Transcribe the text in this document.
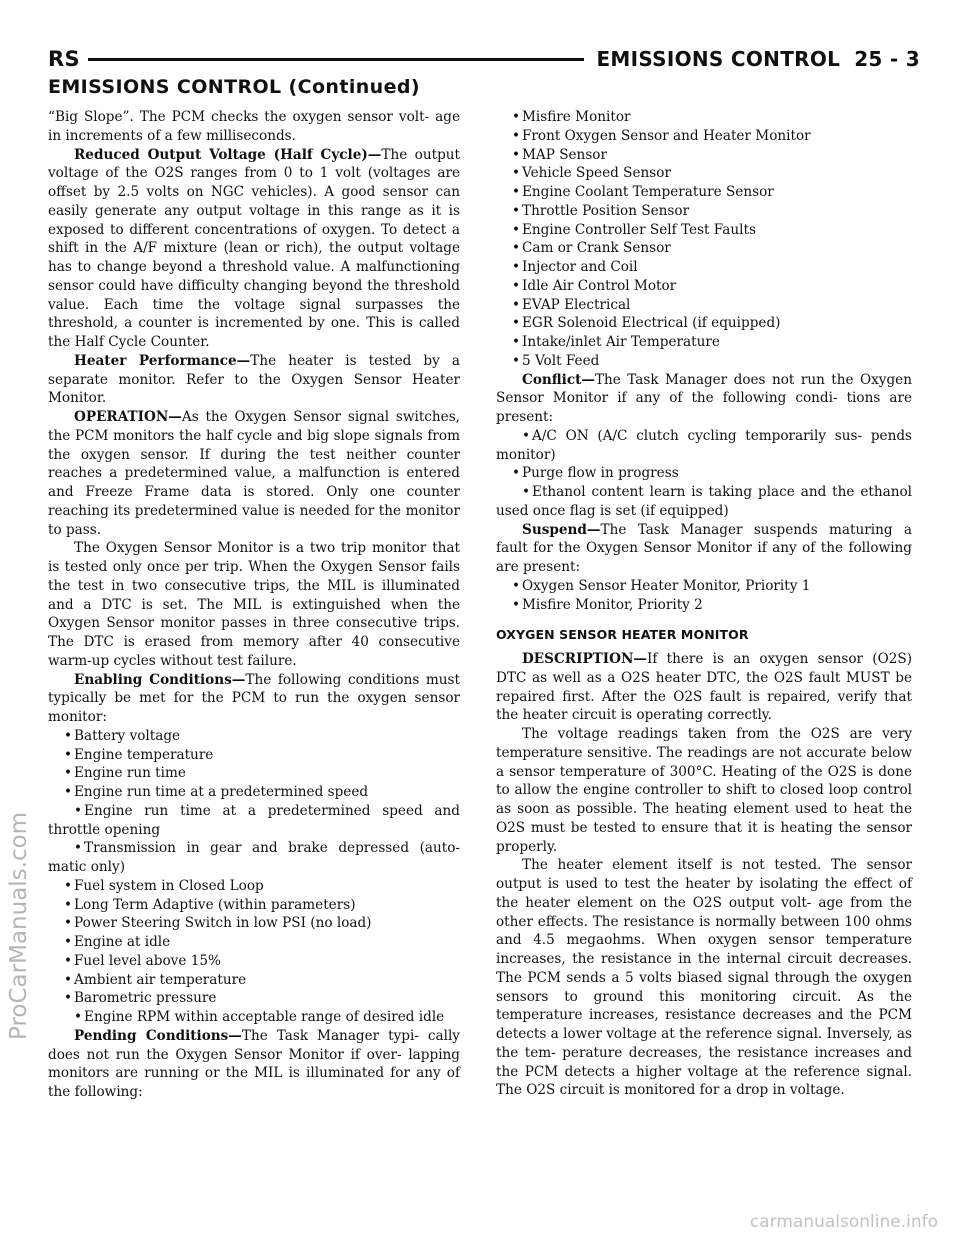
RS	EMISSIONS CONTROL 25 - 3
EMISSIONS CONTROL (Continued)

“Big Slope”. The PCM checks the oxygen sensor volt- age in increments of a few milliseconds.

Reduced Output Voltage (Half Cycle)—The output voltage of the O2S ranges from 0 to 1 volt (voltages are offset by 2.5 volts on NGC vehicles). A good sensor can easily generate any output voltage in this range as it is exposed to different concentrations of oxygen. To detect a shift in the A/F mixture (lean or rich), the output voltage has to change beyond a threshold value. A malfunctioning sensor could have difficulty changing beyond the threshold value. Each time the voltage signal surpasses the threshold, a counter is incremented by one. This is called the Half Cycle Counter.

Heater Performance—The heater is tested by a separate monitor. Refer to the Oxygen Sensor Heater Monitor.

OPERATION—As the Oxygen Sensor signal switches, the PCM monitors the half cycle and big slope signals from the oxygen sensor. If during the test neither counter reaches a predetermined value, a malfunction is entered and Freeze Frame data is stored. Only one counter reaching its predetermined value is needed for the monitor to pass.

The Oxygen Sensor Monitor is a two trip monitor that is tested only once per trip. When the Oxygen Sensor fails the test in two consecutive trips, the MIL is illuminated and a DTC is set. The MIL is extinguished when the Oxygen Sensor monitor passes in three consecutive trips. The DTC is erased from memory after 40 consecutive warm-up cycles without test failure.

Enabling Conditions—The following conditions must typically be met for the PCM to run the oxygen sensor monitor:

• Battery voltage

• Engine temperature

• Engine run time

• Engine run time at a predetermined speed

• Engine run time at a predetermined speed and throttle opening

• Transmission in gear and brake depressed (auto- matic only)

• Fuel system in Closed Loop

• Long Term Adaptive (within parameters)

• Power Steering Switch in low PSI (no load)

• Engine at idle

• Fuel level above 15%

• Ambient air temperature

• Barometric pressure

• Engine RPM within acceptable range of desired idle

Pending Conditions—The Task Manager typi- cally does not run the Oxygen Sensor Monitor if over- lapping monitors are running or the MIL is illuminated for any of the following:

• Misfire Monitor

• Front Oxygen Sensor and Heater Monitor

• MAP Sensor

• Vehicle Speed Sensor

• Engine Coolant Temperature Sensor

• Throttle Position Sensor

• Engine Controller Self Test Faults

• Cam or Crank Sensor

• Injector and Coil

• Idle Air Control Motor

• EVAP Electrical

• EGR Solenoid Electrical (if equipped)

• Intake/inlet Air Temperature

• 5 Volt Feed

Conflict—The Task Manager does not run the Oxygen Sensor Monitor if any of the following condi- tions are present:

• A/C ON (A/C clutch cycling temporarily sus- pends monitor)

• Purge flow in progress

• Ethanol content learn is taking place and the ethanol used once flag is set (if equipped)

Suspend—The Task Manager suspends maturing a fault for the Oxygen Sensor Monitor if any of the following are present:

• Oxygen Sensor Heater Monitor, Priority 1

• Misfire Monitor, Priority 2

OXYGEN SENSOR HEATER MONITOR

DESCRIPTION—If there is an oxygen sensor (O2S) DTC as well as a O2S heater DTC, the O2S fault MUST be repaired first. After the O2S fault is repaired, verify that the heater circuit is operating correctly.

The voltage readings taken from the O2S are very temperature sensitive. The readings are not accurate below a sensor temperature of 300°C. Heating of the O2S is done to allow the engine controller to shift to closed loop control as soon as possible. The heating element used to heat the O2S must be tested to ensure that it is heating the sensor properly.

The heater element itself is not tested. The sensor output is used to test the heater by isolating the effect of the heater element on the O2S output volt- age from the other effects. The resistance is normally between 100 ohms and 4.5 megaohms. When oxygen sensor temperature increases, the resistance in the internal circuit decreases. The PCM sends a 5 volts biased signal through the oxygen sensors to ground this monitoring circuit. As the temperature increases, resistance decreases and the PCM detects a lower voltage at the reference signal. Inversely, as the tem- perature decreases, the resistance increases and the PCM detects a higher voltage at the reference signal. The O2S circuit is monitored for a drop in voltage.

ProCarManuals.com
carmanualsonline.info
